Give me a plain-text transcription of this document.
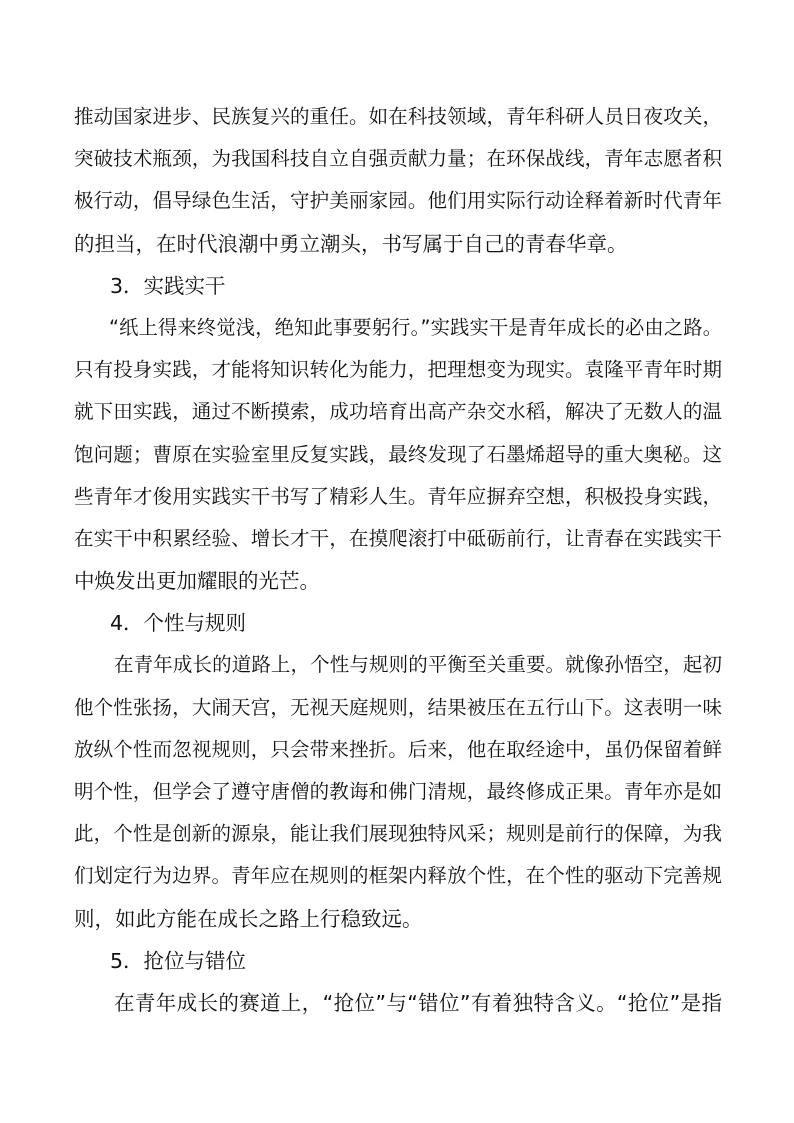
推动国家进步、民族复兴的重任。如在科技领域，青年科研人员日夜攻关，
突破技术瓶颈，为我国科技自立自强贡献力量；在环保战线，青年志愿者积
极行动，倡导绿色生活，守护美丽家园。他们用实际行动诠释着新时代青年
的担当，在时代浪潮中勇立潮头，书写属于自己的青春华章。
3．实践实干
“纸上得来终觉浅，绝知此事要躬行。”实践实干是青年成长的必由之路。
只有投身实践，才能将知识转化为能力，把理想变为现实。袁隆平青年时期
就下田实践，通过不断摸索，成功培育出高产杂交水稻，解决了无数人的温
饱问题；曹原在实验室里反复实践，最终发现了石墨烯超导的重大奥秘。这
些青年才俊用实践实干书写了精彩人生。青年应摒弃空想，积极投身实践，
在实干中积累经验、增长才干，在摸爬滚打中砥砺前行，让青春在实践实干
中焕发出更加耀眼的光芒。
4．个性与规则
在青年成长的道路上，个性与规则的平衡至关重要。就像孙悟空，起初
他个性张扬，大闹天宫，无视天庭规则，结果被压在五行山下。这表明一味
放纵个性而忽视规则，只会带来挫折。后来，他在取经途中，虽仍保留着鲜
明个性，但学会了遵守唐僧的教诲和佛门清规，最终修成正果。青年亦是如
此，个性是创新的源泉，能让我们展现独特风采；规则是前行的保障，为我
们划定行为边界。青年应在规则的框架内释放个性，在个性的驱动下完善规
则，如此方能在成长之路上行稳致远。
5．抢位与错位
在青年成长的赛道上，“抢位”与“错位”有着独特含义。“抢位”是指
